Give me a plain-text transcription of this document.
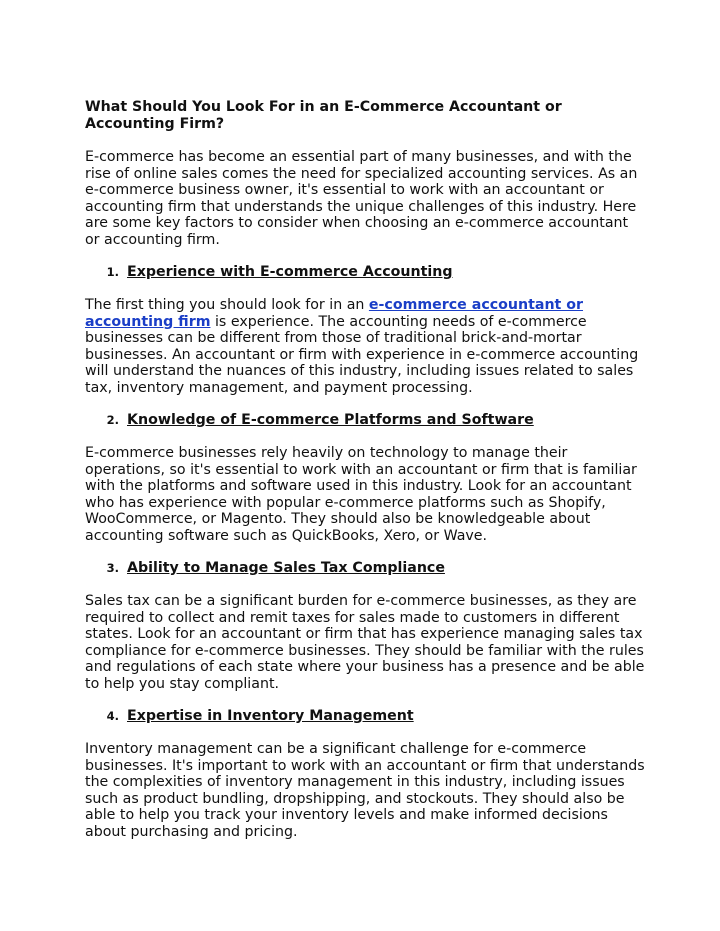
What Should You Look For in an E-Commerce Accountant or Accounting Firm?

E-commerce has become an essential part of many businesses, and with the rise of online sales comes the need for specialized accounting services. As an e-commerce business owner, it's essential to work with an accountant or accounting firm that understands the unique challenges of this industry. Here are some key factors to consider when choosing an e-commerce accountant or accounting firm.

1. Experience with E-commerce Accounting

The first thing you should look for in an e-commerce accountant or accounting firm is experience. The accounting needs of e-commerce businesses can be different from those of traditional brick-and-mortar businesses. An accountant or firm with experience in e-commerce accounting will understand the nuances of this industry, including issues related to sales tax, inventory management, and payment processing.

2. Knowledge of E-commerce Platforms and Software

E-commerce businesses rely heavily on technology to manage their operations, so it's essential to work with an accountant or firm that is familiar with the platforms and software used in this industry. Look for an accountant who has experience with popular e-commerce platforms such as Shopify, WooCommerce, or Magento. They should also be knowledgeable about accounting software such as QuickBooks, Xero, or Wave.

3. Ability to Manage Sales Tax Compliance

Sales tax can be a significant burden for e-commerce businesses, as they are required to collect and remit taxes for sales made to customers in different states. Look for an accountant or firm that has experience managing sales tax compliance for e-commerce businesses. They should be familiar with the rules and regulations of each state where your business has a presence and be able to help you stay compliant.

4. Expertise in Inventory Management

Inventory management can be a significant challenge for e-commerce businesses. It's important to work with an accountant or firm that understands the complexities of inventory management in this industry, including issues such as product bundling, dropshipping, and stockouts. They should also be able to help you track your inventory levels and make informed decisions about purchasing and pricing.
